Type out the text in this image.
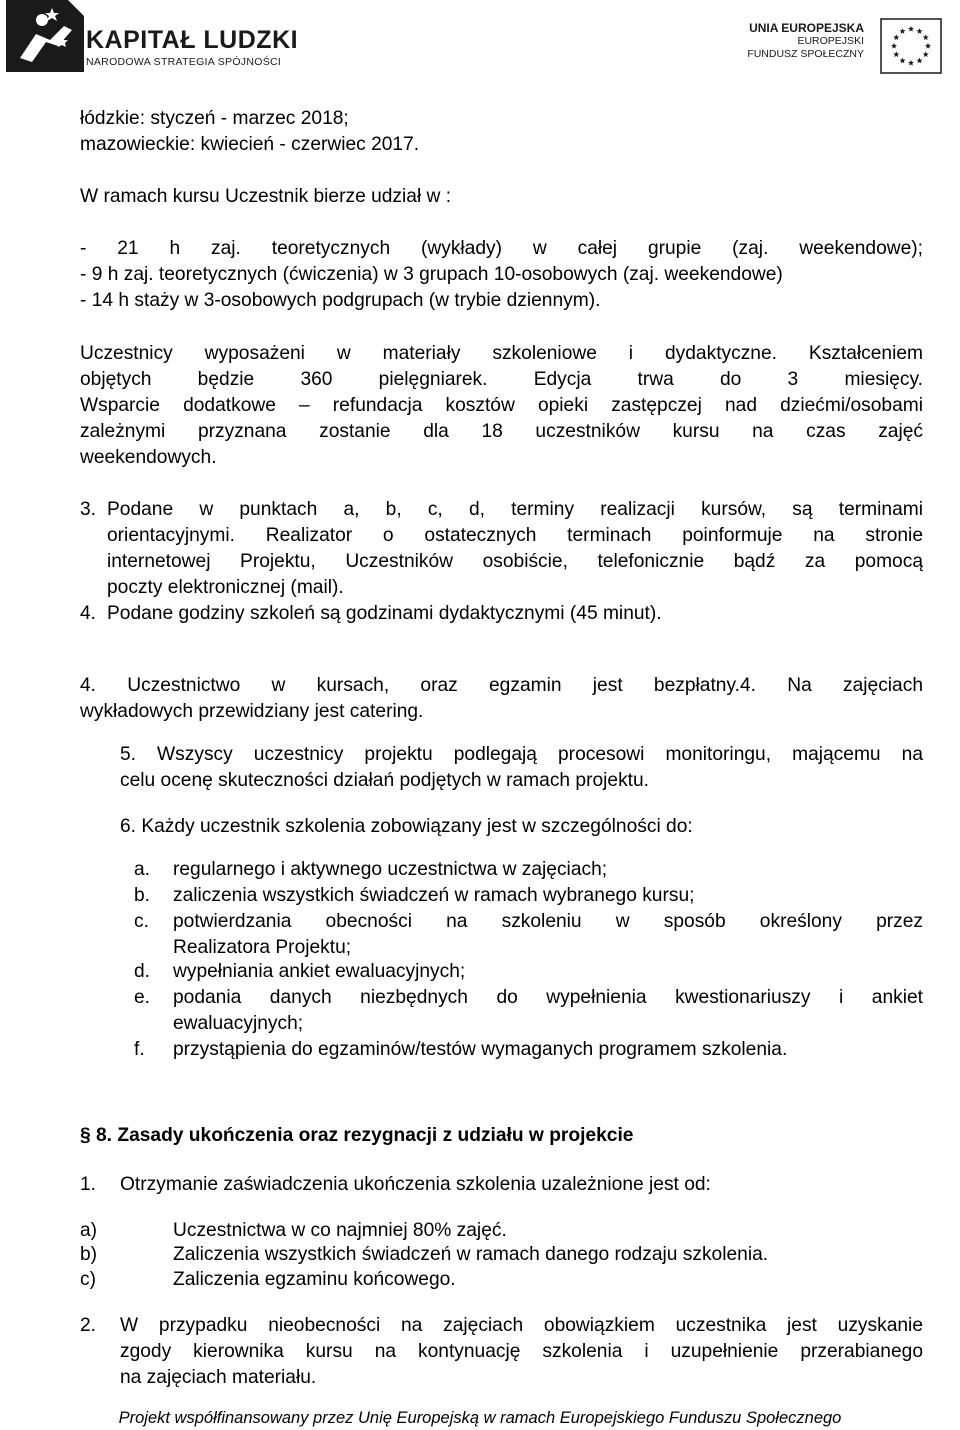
KAPITAŁ LUDZKI
NARODOWA STRATEGIA SPÓJNOŚCI
UNIA EUROPEJSKA
EUROPEJSKI
FUNDUSZ SPOŁECZNY
łódzkie: styczeń - marzec 2018;
mazowieckie: kwiecień - czerwiec 2017.
W ramach kursu Uczestnik bierze udział w :
- 21 h zaj. teoretycznych (wykłady) w całej grupie (zaj. weekendowe);
- 9 h zaj. teoretycznych (ćwiczenia) w 3 grupach 10-osobowych (zaj. weekendowe)
- 14 h staży w 3-osobowych podgrupach (w trybie dziennym).
Uczestnicy wyposażeni w materiały szkoleniowe i dydaktyczne. Kształceniem
objętych będzie 360 pielęgniarek. Edycja trwa do 3 miesięcy.
Wsparcie dodatkowe – refundacja kosztów opieki zastępczej nad dziećmi/osobami
zależnymi przyznana zostanie dla 18 uczestników kursu na czas zajęć
weekendowych.
3. Podane w punktach a, b, c, d, terminy realizacji kursów, są terminami
orientacyjnymi. Realizator o ostatecznych terminach poinformuje na stronie
internetowej Projektu, Uczestników osobiście, telefonicznie bądź za pomocą
poczty elektronicznej (mail).
4. Podane godziny szkoleń są godzinami dydaktycznymi (45 minut).
4. Uczestnictwo w kursach, oraz egzamin jest bezpłatny.4. Na zajęciach
wykładowych przewidziany jest catering.
5. Wszyscy uczestnicy projektu podlegają procesowi monitoringu, mającemu na
celu ocenę skuteczności działań podjętych w ramach projektu.
6. Każdy uczestnik szkolenia zobowiązany jest w szczególności do:
a. regularnego i aktywnego uczestnictwa w zajęciach;
b. zaliczenia wszystkich świadczeń w ramach wybranego kursu;
c. potwierdzania obecności na szkoleniu w sposób określony przez
Realizatora Projektu;
d. wypełniania ankiet ewaluacyjnych;
e. podania danych niezbędnych do wypełnienia kwestionariuszy i ankiet
ewaluacyjnych;
f. przystąpienia do egzaminów/testów wymaganych programem szkolenia.
§ 8. Zasady ukończenia oraz rezygnacji z udziału w projekcie
1. Otrzymanie zaświadczenia ukończenia szkolenia uzależnione jest od:
a)	Uczestnictwa w co najmniej 80% zajęć.
b)	Zaliczenia wszystkich świadczeń w ramach danego rodzaju szkolenia.
c)	Zaliczenia egzaminu końcowego.
2. W przypadku nieobecności na zajęciach obowiązkiem uczestnika jest uzyskanie
zgody kierownika kursu na kontynuację szkolenia i uzupełnienie przerabianego
na zajęciach materiału.
Projekt współfinansowany przez Unię Europejską w ramach Europejskiego Funduszu Społecznego
